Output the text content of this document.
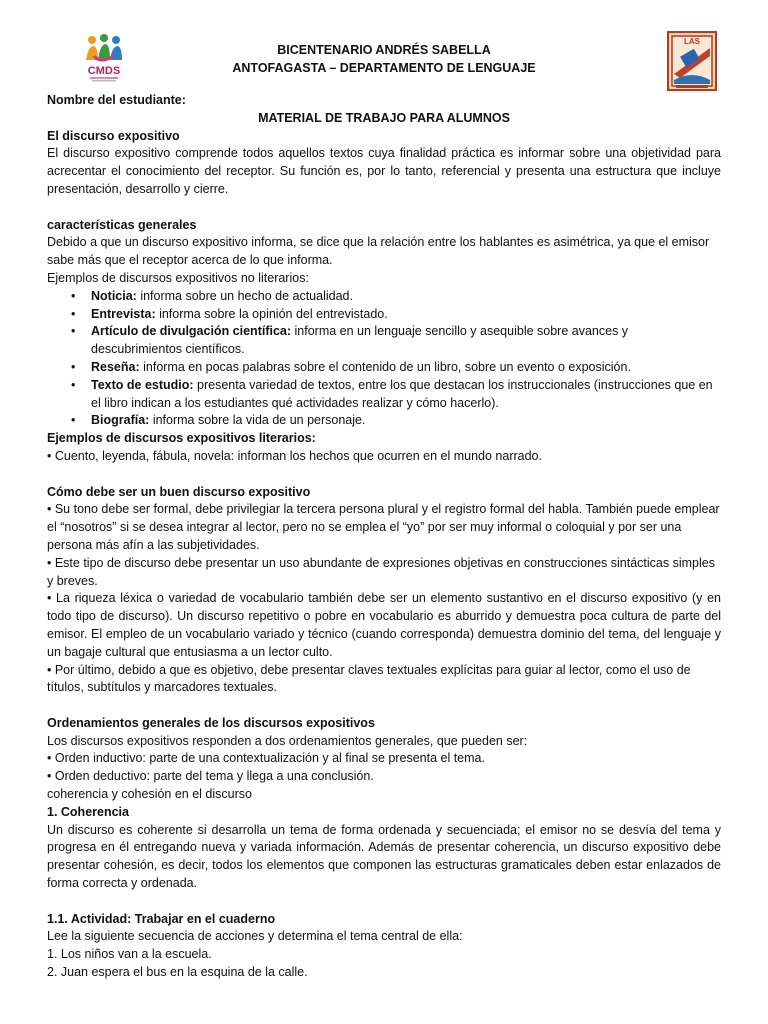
CMDS
LAS
BICENTENARIO ANDRÉS SABELLA
ANTOFAGASTA – DEPARTAMENTO DE LENGUAJE

Nombre del estudiante:

MATERIAL DE TRABAJO PARA ALUMNOS

El discurso expositivo

El discurso expositivo comprende todos aquellos textos cuya finalidad práctica es informar sobre una objetividad para acrecentar el conocimiento del receptor. Su función es, por lo tanto, referencial y presenta una estructura que incluye presentación, desarrollo y cierre.

características generales

Debido a que un discurso expositivo informa, se dice que la relación entre los hablantes es asimétrica, ya que el emisor sabe más que el receptor acerca de lo que informa.

Ejemplos de discursos expositivos no literarios:

• Noticia: informa sobre un hecho de actualidad.
• Entrevista: informa sobre la opinión del entrevistado.
• Artículo de divulgación científica: informa en un lenguaje sencillo y asequible sobre avances y descubrimientos científicos.
• Reseña: informa en pocas palabras sobre el contenido de un libro, sobre un evento o exposición.
• Texto de estudio: presenta variedad de textos, entre los que destacan los instruccionales (instrucciones que en el libro indican a los estudiantes qué actividades realizar y cómo hacerlo).
• Biografía: informa sobre la vida de un personaje.

Ejemplos de discursos expositivos literarios:

• Cuento, leyenda, fábula, novela: informan los hechos que ocurren en el mundo narrado.

Cómo debe ser un buen discurso expositivo

• Su tono debe ser formal, debe privilegiar la tercera persona plural y el registro formal del habla. También puede emplear el “nosotros” si se desea integrar al lector, pero no se emplea el “yo” por ser muy informal o coloquial y por ser una persona más afín a las subjetividades.

• Este tipo de discurso debe presentar un uso abundante de expresiones objetivas en construcciones sintácticas simples y breves.

• La riqueza léxica o variedad de vocabulario también debe ser un elemento sustantivo en el discurso expositivo (y en todo tipo de discurso). Un discurso repetitivo o pobre en vocabulario es aburrido y demuestra poca cultura de parte del emisor. El empleo de un vocabulario variado y técnico (cuando corresponda) demuestra dominio del tema, del lenguaje y un bagaje cultural que entusiasma a un lector culto.

• Por último, debido a que es objetivo, debe presentar claves textuales explícitas para guiar al lector, como el uso de títulos, subtítulos y marcadores textuales.

Ordenamientos generales de los discursos expositivos

Los discursos expositivos responden a dos ordenamientos generales, que pueden ser:

• Orden inductivo: parte de una contextualización y al final se presenta el tema.

• Orden deductivo: parte del tema y llega a una conclusión.

coherencia y cohesión en el discurso

1. Coherencia

Un discurso es coherente si desarrolla un tema de forma ordenada y secuenciada; el emisor no se desvía del tema y progresa en él entregando nueva y variada información. Además de presentar coherencia, un discurso expositivo debe presentar cohesión, es decir, todos los elementos que componen las estructuras gramaticales deben estar enlazados de forma correcta y ordenada.

1.1. Actividad: Trabajar en el cuaderno

Lee la siguiente secuencia de acciones y determina el tema central de ella:

1. Los niños van a la escuela.

2. Juan espera el bus en la esquina de la calle.
